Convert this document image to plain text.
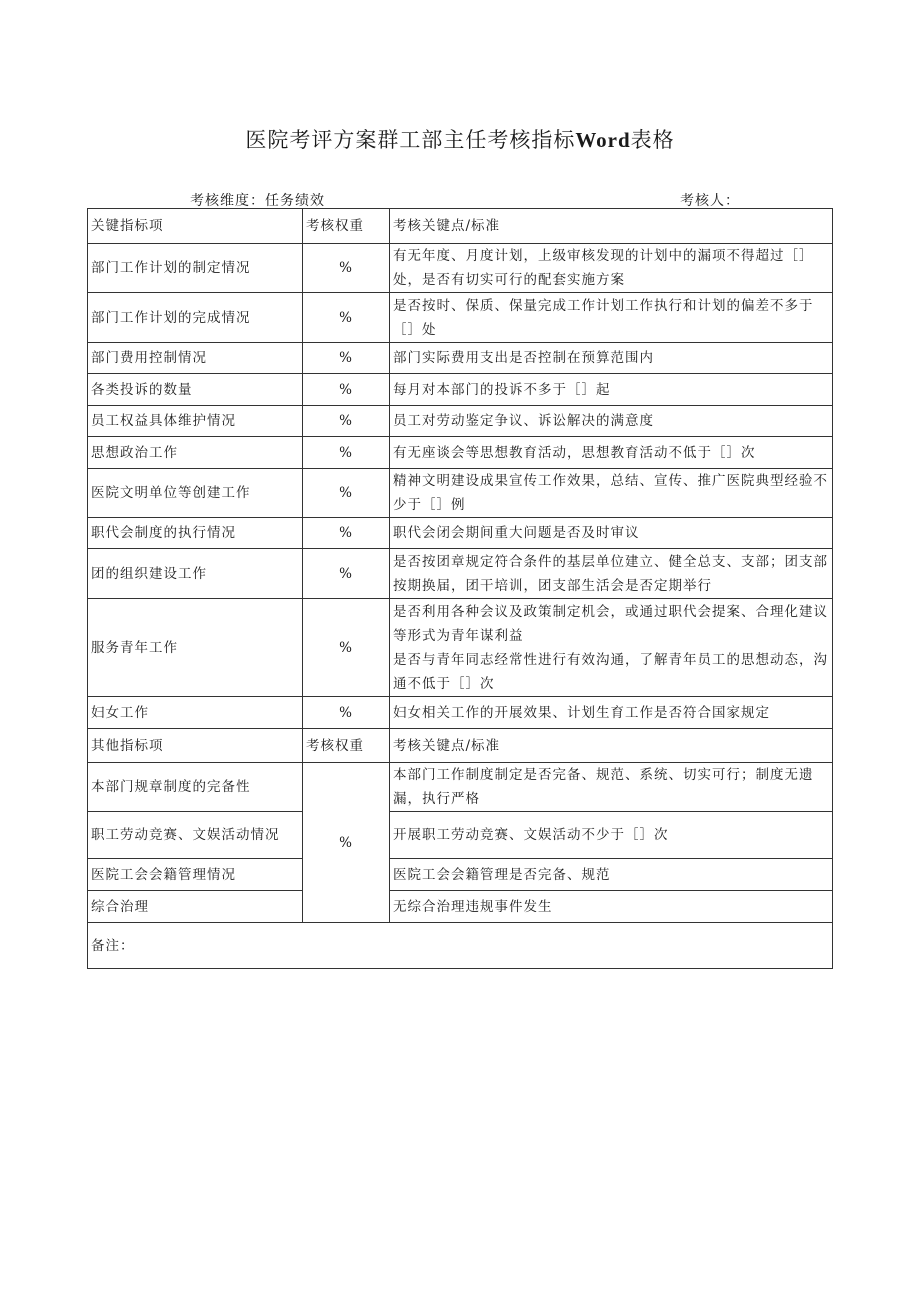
医院考评方案群工部主任考核指标Word表格
考核维度：任务绩效	考核人：
关键指标项	考核权重	考核关键点/标准
部门工作计划的制定情况	%	有无年度、月度计划，上级审核发现的计划中的漏项不得超过［］处，是否有切实可行的配套实施方案
部门工作计划的完成情况	%	是否按时、保质、保量完成工作计划工作执行和计划的偏差不多于［］处
部门费用控制情况	%	部门实际费用支出是否控制在预算范围内
各类投诉的数量	%	每月对本部门的投诉不多于［］起
员工权益具体维护情况	%	员工对劳动鉴定争议、诉讼解决的满意度
思想政治工作	%	有无座谈会等思想教育活动，思想教育活动不低于［］次
医院文明单位等创建工作	%	精神文明建设成果宣传工作效果，总结、宣传、推广医院典型经验不少于［］例
职代会制度的执行情况	%	职代会闭会期间重大问题是否及时审议
团的组织建设工作	%	是否按团章规定符合条件的基层单位建立、健全总支、支部；团支部按期换届，团干培训，团支部生活会是否定期举行
服务青年工作	%	是否利用各种会议及政策制定机会，或通过职代会提案、合理化建议等形式为青年谋利益
是否与青年同志经常性进行有效沟通，了解青年员工的思想动态，沟通不低于［］次

妇女工作	%	妇女相关工作的开展效果、计划生育工作是否符合国家规定
其他指标项	考核权重	考核关键点/标准
本部门规章制度的完备性	%	本部门工作制度制定是否完备、规范、系统、切实可行；制度无遗漏，执行严格
职工劳动竞赛、文娱活动情况		开展职工劳动竞赛、文娱活动不少于［］次
医院工会会籍管理情况		医院工会会籍管理是否完备、规范
综合治理		无综合治理违规事件发生
备注：		
